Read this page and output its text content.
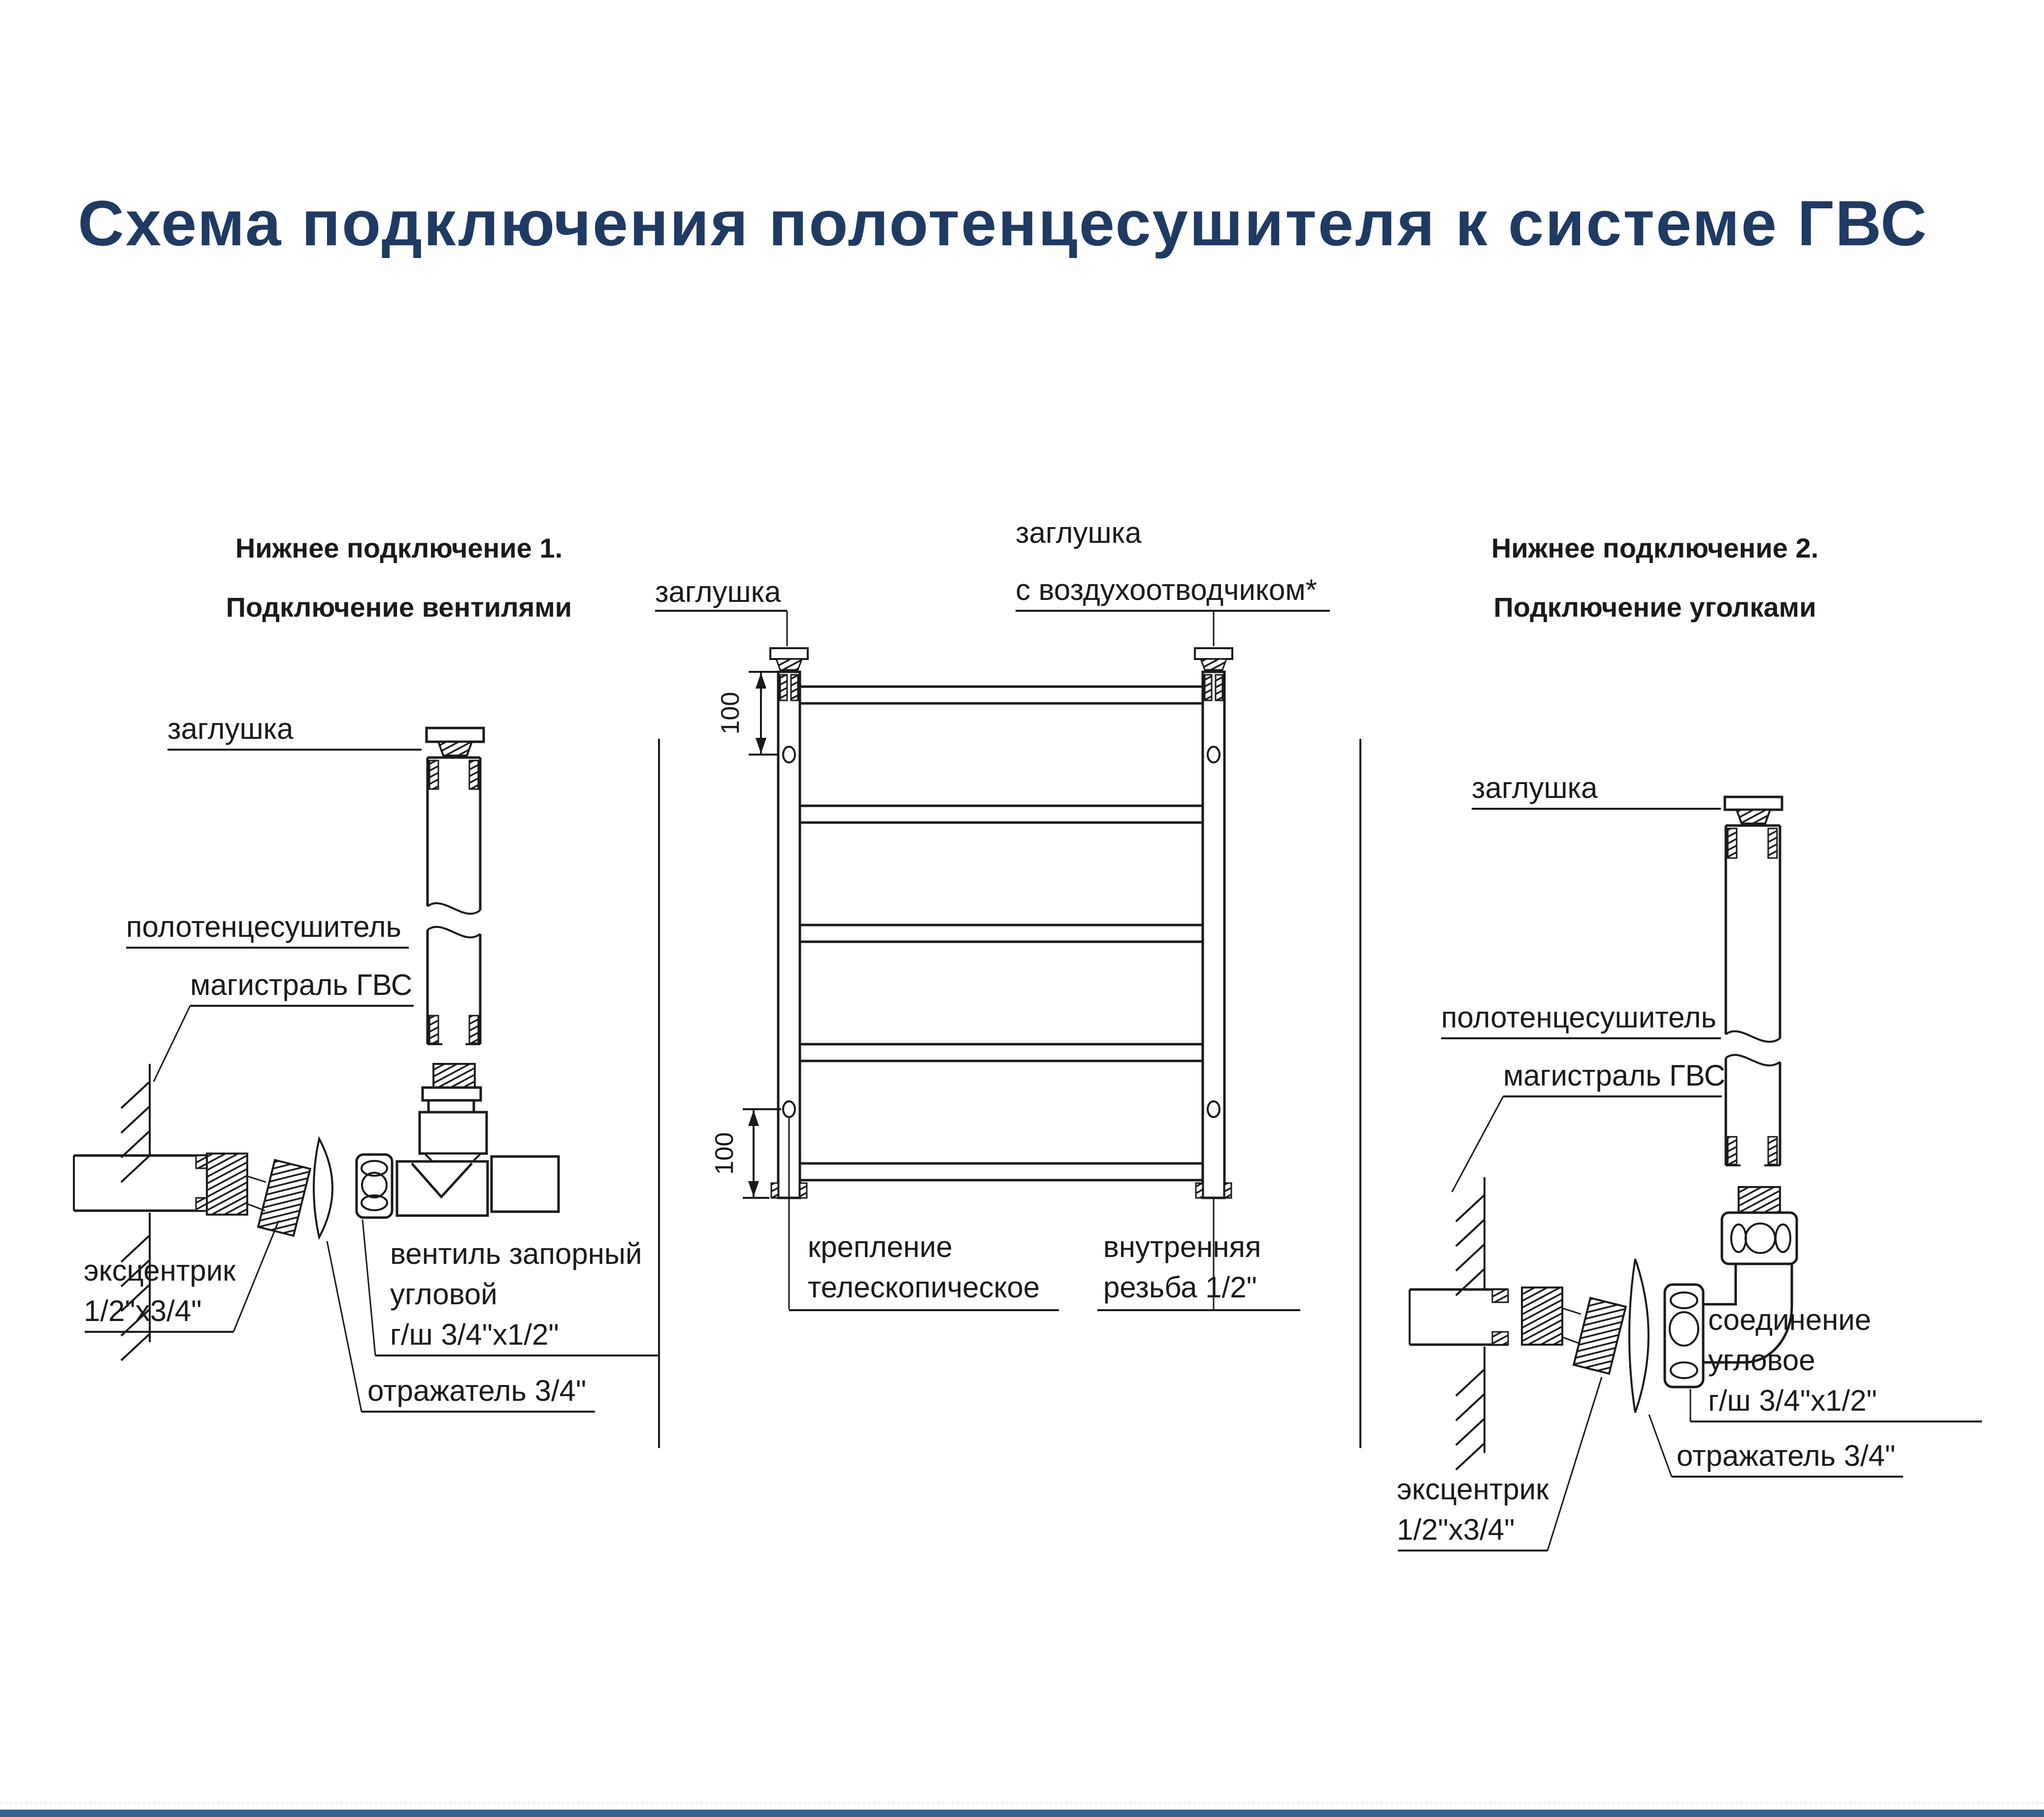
Схема подключения полотенцесушителя к системе ГВС
Нижнее подключение 1.
Подключение вентилями
заглушка
полотенцесушитель
магистраль ГВС
эксцентрик
1/2"x3/4"
вентиль запорный
угловой
г/ш 3/4"x1/2"
отражатель 3/4"
заглушка
заглушка
с воздухоотводчиком*
100
100
крепление
телескопическое
внутренняя
резьба 1/2"
Нижнее подключение 2.
Подключение уголками
заглушка
полотенцесушитель
магистраль ГВС
соединение
угловое
г/ш 3/4"x1/2"
отражатель 3/4"
эксцентрик
1/2"x3/4"
